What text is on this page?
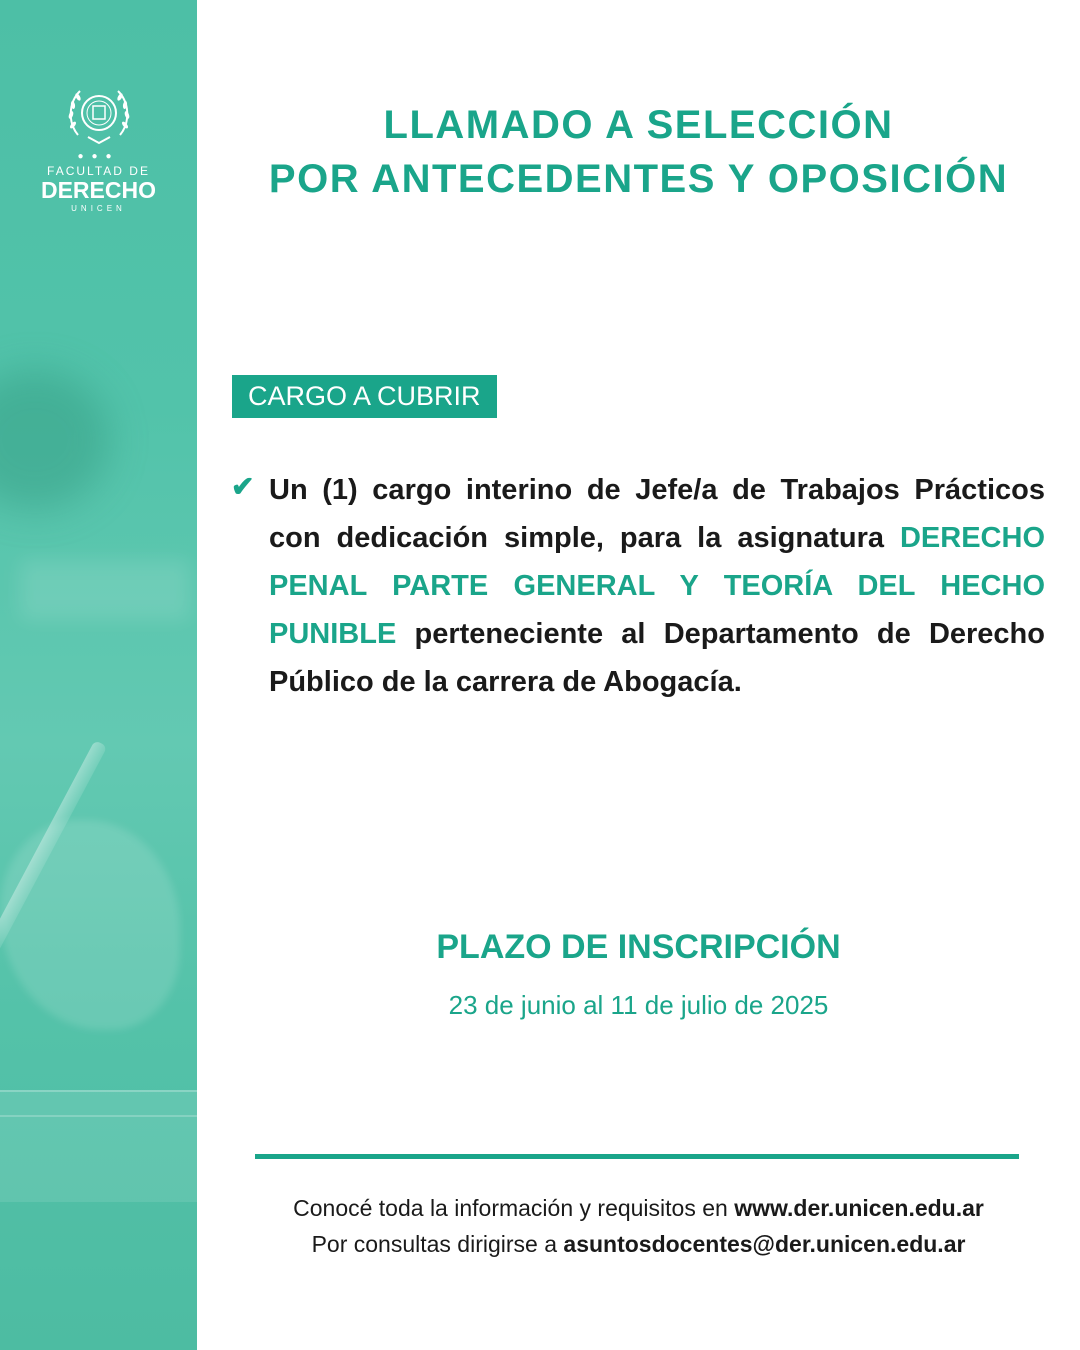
●●●
FACULTAD DE
DERECHO
UNICEN
LLAMADO A SELECCIÓN
POR ANTECEDENTES Y OPOSICIÓN
CARGO A CUBRIR
✔ Un (1) cargo interino de Jefe/a de Trabajos Prácticos con dedicación simple, para la asignatura DERECHO PENAL PARTE GENERAL Y TEORÍA DEL HECHO PUNIBLE perteneciente al Departamento de Derecho Público de la carrera de Abogacía.
PLAZO DE INSCRIPCIÓN
23 de junio al 11 de julio de 2025
Conocé toda la información y requisitos en www.der.unicen.edu.ar
Por consultas dirigirse a asuntosdocentes@der.unicen.edu.ar
